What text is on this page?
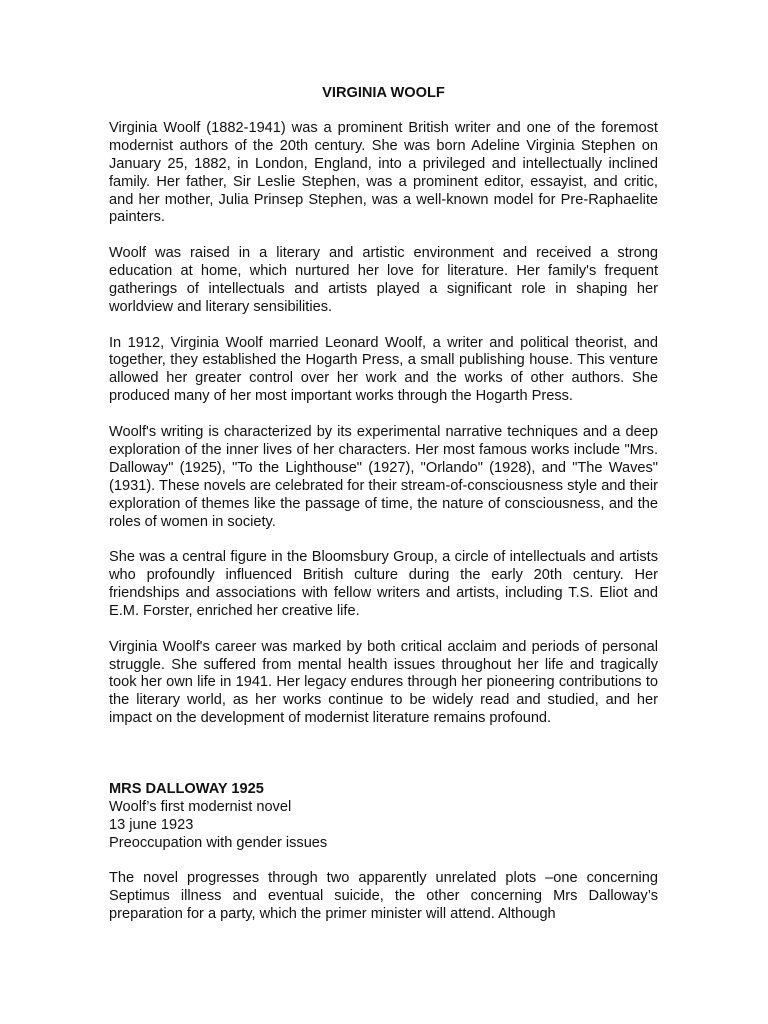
VIRGINIA WOOLF

Virginia Woolf (1882-1941) was a prominent British writer and one of the foremost modernist authors of the 20th century. She was born Adeline Virginia Stephen on January 25, 1882, in London, England, into a privileged and intellectually inclined family. Her father, Sir Leslie Stephen, was a prominent editor, essayist, and critic, and her mother, Julia Prinsep Stephen, was a well-known model for Pre-Raphaelite painters.

Woolf was raised in a literary and artistic environment and received a strong education at home, which nurtured her love for literature. Her family's frequent gatherings of intellectuals and artists played a significant role in shaping her worldview and literary sensibilities.

In 1912, Virginia Woolf married Leonard Woolf, a writer and political theorist, and together, they established the Hogarth Press, a small publishing house. This venture allowed her greater control over her work and the works of other authors. She produced many of her most important works through the Hogarth Press.

Woolf's writing is characterized by its experimental narrative techniques and a deep exploration of the inner lives of her characters. Her most famous works include "Mrs. Dalloway" (1925), "To the Lighthouse" (1927), "Orlando" (1928), and "The Waves" (1931). These novels are celebrated for their stream-of-consciousness style and their exploration of themes like the passage of time, the nature of consciousness, and the roles of women in society.

She was a central figure in the Bloomsbury Group, a circle of intellectuals and artists who profoundly influenced British culture during the early 20th century. Her friendships and associations with fellow writers and artists, including T.S. Eliot and E.M. Forster, enriched her creative life.

Virginia Woolf's career was marked by both critical acclaim and periods of personal struggle. She suffered from mental health issues throughout her life and tragically took her own life in 1941. Her legacy endures through her pioneering contributions to the literary world, as her works continue to be widely read and studied, and her impact on the development of modernist literature remains profound.

MRS DALLOWAY 1925
Woolf’s first modernist novel
13 june 1923
Preoccupation with gender issues

The novel progresses through two apparently unrelated plots –one concerning Septimus illness and eventual suicide, the other concerning Mrs Dalloway’s preparation for a party, which the primer minister will attend. Although
